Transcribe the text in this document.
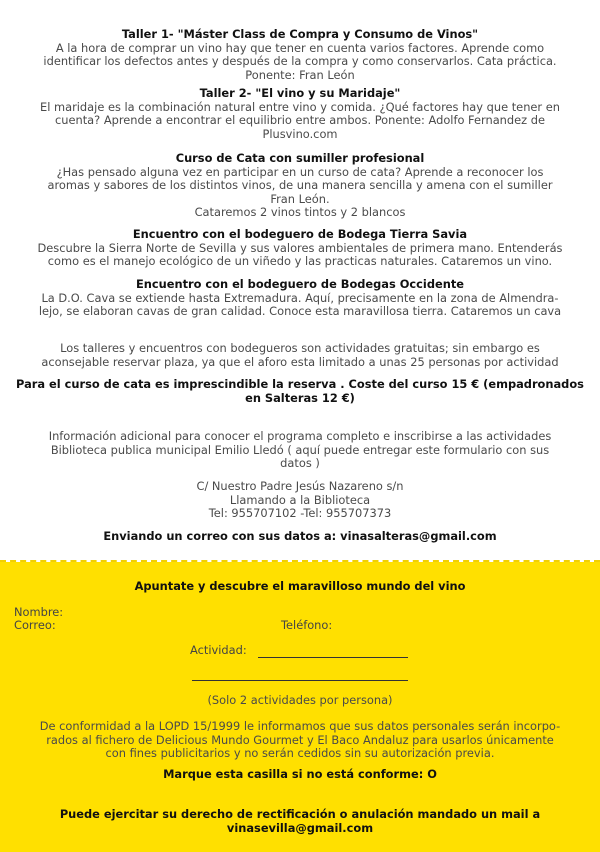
Taller 1- "Máster Class de Compra y Consumo de Vinos"
A la hora de comprar un vino hay que tener en cuenta varios factores. Aprende como
identificar los defectos antes y después de la compra y como conservarlos. Cata práctica.
Ponente: Fran León
Taller 2- "El vino y su Maridaje"
El maridaje es la combinación natural entre vino y comida. ¿Qué factores hay que tener en
cuenta? Aprende a encontrar el equilibrio entre ambos. Ponente: Adolfo Fernandez de
Plusvino.com
Curso de Cata con sumiller profesional
¿Has pensado alguna vez en participar en un curso de cata? Aprende a reconocer los
aromas y sabores de los distintos vinos, de una manera sencilla y amena con el sumiller
Fran León.
Cataremos 2 vinos tintos y 2 blancos
Encuentro con el bodeguero de Bodega Tierra Savia
Descubre la Sierra Norte de Sevilla y sus valores ambientales de primera mano. Entenderás
como es el manejo ecológico de un viñedo y las practicas naturales. Cataremos un vino.
Encuentro con el bodeguero de Bodegas Occidente
La D.O. Cava se extiende hasta Extremadura. Aquí, precisamente en la zona de Almendra-
lejo, se elaboran cavas de gran calidad. Conoce esta maravillosa tierra. Cataremos un cava
Los talleres y encuentros con bodegueros son actividades gratuitas; sin embargo es
aconsejable reservar plaza, ya que el aforo esta limitado a unas 25 personas por actividad
Para el curso de cata es imprescindible la reserva . Coste del curso 15 € (empadronados
en Salteras 12 €)
Información adicional para conocer el programa completo e inscribirse a las actividades
Biblioteca publica municipal Emilio Lledó ( aquí puede entregar este formulario con sus
datos )
C/ Nuestro Padre Jesús Nazareno s/n
Llamando a la Biblioteca
Tel: 955707102 -Tel: 955707373
Enviando un correo con sus datos a: vinasalteras@gmail.com
Apuntate y descubre el maravilloso mundo del vino
Nombre:
Correo:	Teléfono:
Actividad:
(Solo 2 actividades por persona)
De conformidad a la LOPD 15/1999 le informamos que sus datos personales serán incorpo-
rados al fichero de Delicious Mundo Gourmet y El Baco Andaluz para usarlos únicamente
con fines publicitarios y no serán cedidos sin su autorización previa.
Marque esta casilla si no está conforme: O
Puede ejercitar su derecho de rectificación o anulación mandado un mail a
vinasevilla@gmail.com
